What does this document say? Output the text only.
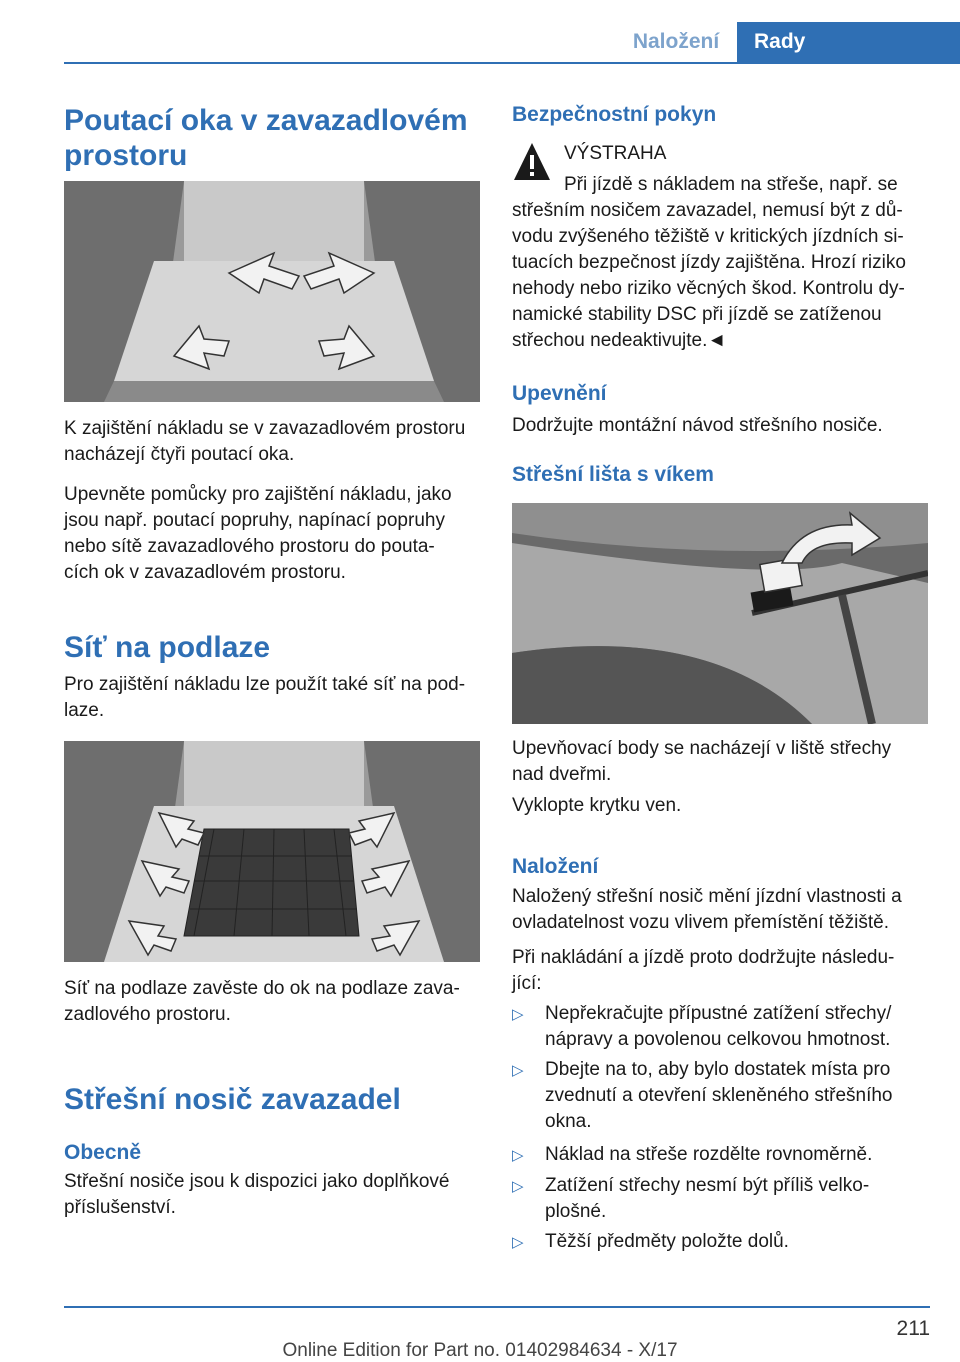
Naložení	Rady
Poutací oka v zavazadlovém prostoru

K zajištění nákladu se v zavazadlovém prostoru

nacházejí čtyři poutací oka.

Upevněte pomůcky pro zajištění nákladu, jako

jsou např. poutací popruhy, napínací popruhy

nebo sítě zavazadlového prostoru do pouta-

cích ok v zavazadlovém prostoru.

Síť na podlaze

Pro zajištění nákladu lze použít také síť na pod-

laze.

Síť na podlaze zavěste do ok na podlaze zava-

zadlového prostoru.

Střešní nosič zavazadel
Obecně

Střešní nosiče jsou k dispozici jako doplňkové

příslušenství.

Bezpečnostní pokyn

VÝSTRAHA

Při jízdě s nákladem na střeše, např. se

střešním nosičem zavazadel, nemusí být z dů-

vodu zvýšeného těžiště v kritických jízdních si-

tuacích bezpečnost jízdy zajištěna. Hrozí riziko

nehody nebo riziko věcných škod. Kontrolu dy-

namické stability DSC při jízdě se zatíženou

střechou nedeaktivujte.◄

Upevnění

Dodržujte montážní návod střešního nosiče.

Střešní lišta s víkem

Upevňovací body se nacházejí v liště střechy

nad dveřmi.

Vyklopte krytku ven.

Naložení

Naložený střešní nosič mění jízdní vlastnosti a

ovladatelnost vozu vlivem přemístění těžiště.

Při nakládání a jízdě proto dodržujte následu-

jící:

▷	Nepřekračujte přípustné zatížení střechy/

nápravy a povolenou celkovou hmotnost.

▷	Dbejte na to, aby bylo dostatek místa pro

zvednutí a otevření skleněného střešního

okna.

▷	Náklad na střeše rozdělte rovnoměrně.

▷	Zatížení střechy nesmí být příliš velko-

plošné.

▷	Těžší předměty položte dolů.

211
Online Edition for Part no. 01402984634 - X/17
